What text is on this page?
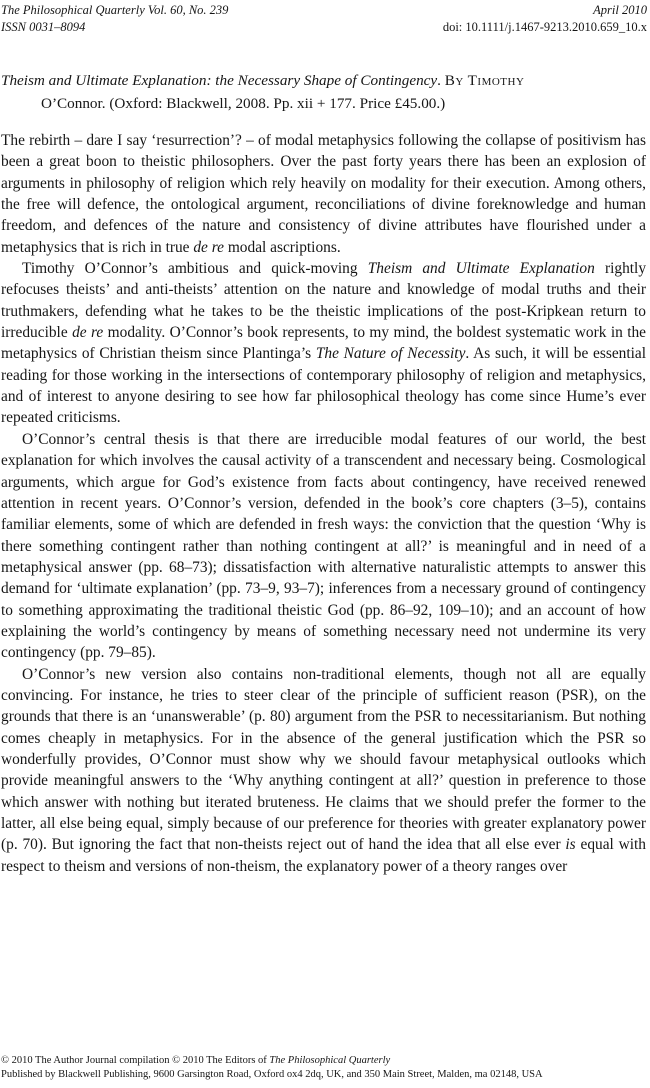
The Philosophical Quarterly Vol. 60, No. 239	April 2010
ISSN 0031–8094	doi: 10.1111/j.1467-9213.2010.659_10.x
Theism and Ultimate Explanation: the Necessary Shape of Contingency. By Timothy

O’Connor. (Oxford: Blackwell, 2008. Pp. xii + 177. Price £45.00.)

The rebirth – dare I say ‘resurrection’? – of modal metaphysics following the collapse of positivism has been a great boon to theistic philosophers. Over the past forty years there has been an explosion of arguments in philosophy of religion which rely heavily on modality for their execution. Among others, the free will defence, the ontological argument, reconciliations of divine foreknowledge and human freedom, and defences of the nature and consistency of divine attributes have flourished under a metaphysics that is rich in true de re modal ascriptions.

Timothy O’Connor’s ambitious and quick-moving Theism and Ultimate Explanation rightly refocuses theists’ and anti-theists’ attention on the nature and knowledge of modal truths and their truthmakers, defending what he takes to be the theistic implications of the post-Kripkean return to irreducible de re modality. O’Connor’s book represents, to my mind, the boldest systematic work in the metaphysics of Christian theism since Plantinga’s The Nature of Necessity. As such, it will be essential reading for those working in the intersections of contemporary philosophy of religion and metaphysics, and of interest to anyone desiring to see how far philosophical theology has come since Hume’s ever repeated criticisms.

O’Connor’s central thesis is that there are irreducible modal features of our world, the best explanation for which involves the causal activity of a transcendent and necessary being. Cosmological arguments, which argue for God’s existence from facts about contingency, have received renewed attention in recent years. O’Connor’s version, defended in the book’s core chapters (3–5), contains familiar elements, some of which are defended in fresh ways: the conviction that the question ‘Why is there something contingent rather than nothing contingent at all?’ is meaningful and in need of a metaphysical answer (pp. 68–73); dissatisfaction with alternative naturalistic attempts to answer this demand for ‘ultimate explanation’ (pp. 73–9, 93–7); inferences from a necessary ground of contingency to something approximating the traditional theistic God (pp. 86–92, 109–10); and an account of how explaining the world’s contingency by means of something necessary need not undermine its very contingency (pp. 79–85).

O’Connor’s new version also contains non-traditional elements, though not all are equally convincing. For instance, he tries to steer clear of the principle of sufficient reason (PSR), on the grounds that there is an ‘unanswerable’ (p. 80) argument from the PSR to necessitarianism. But nothing comes cheaply in metaphysics. For in the absence of the general justification which the PSR so wonderfully provides, O’Connor must show why we should favour metaphysical outlooks which provide meaningful answers to the ‘Why anything contingent at all?’ question in preference to those which answer with nothing but iterated bruteness. He claims that we should prefer the former to the latter, all else being equal, simply because of our preference for theories with greater explanatory power (p. 70). But ignoring the fact that non-theists reject out of hand the idea that all else ever is equal with respect to theism and versions of non-theism, the explanatory power of a theory ranges over

© 2010 The Author Journal compilation © 2010 The Editors of The Philosophical Quarterly
Published by Blackwell Publishing, 9600 Garsington Road, Oxford ox4 2dq, UK, and 350 Main Street, Malden, ma 02148, USA
